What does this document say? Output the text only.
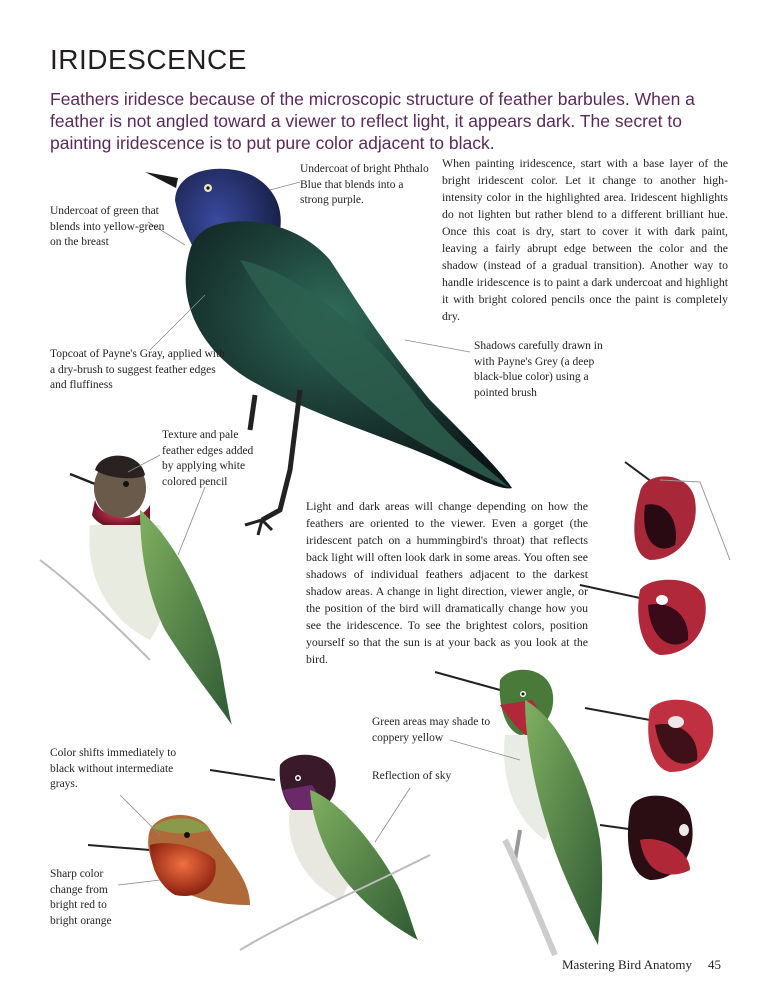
IRIDESCENCE

Feathers iridesce because of the microscopic structure of feather barbules. When a feather is not angled toward a viewer to reflect light, it appears dark. The secret to painting iridescence is to put pure color adjacent to black.

Undercoat of green that blends into yellow-green on the breast

Undercoat of bright Phthalo Blue that blends into a strong purple.

Topcoat of Payne's Gray, applied with a dry-brush to suggest feather edges and fluffiness

Shadows carefully drawn in with Payne's Grey (a deep black-blue color) using a pointed brush

Texture and pale feather edges added by applying white colored pencil

Green areas may shade to coppery yellow

Reflection of sky

Color shifts immediately to black without intermediate grays.

Sharp color change from bright red to bright orange

When painting iridescence, start with a base layer of the bright iridescent color. Let it change to another high-intensity color in the highlighted area. Iridescent highlights do not lighten but rather blend to a different brilliant hue. Once this coat is dry, start to cover it with dark paint, leaving a fairly abrupt edge between the color and the shadow (instead of a gradual transition). Another way to handle iridescence is to paint a dark undercoat and highlight it with bright colored pencils once the paint is completely dry.

Light and dark areas will change depending on how the feathers are oriented to the viewer. Even a gorget (the iridescent patch on a hummingbird's throat) that reflects back light will often look dark in some areas. You often see shadows of individual feathers adjacent to the darkest shadow areas. A change in light direction, viewer angle, or the position of the bird will dramatically change how you see the iridescence. To see the brightest colors, position yourself so that the sun is at your back as you look at the bird.

Mastering Bird Anatomy 45
